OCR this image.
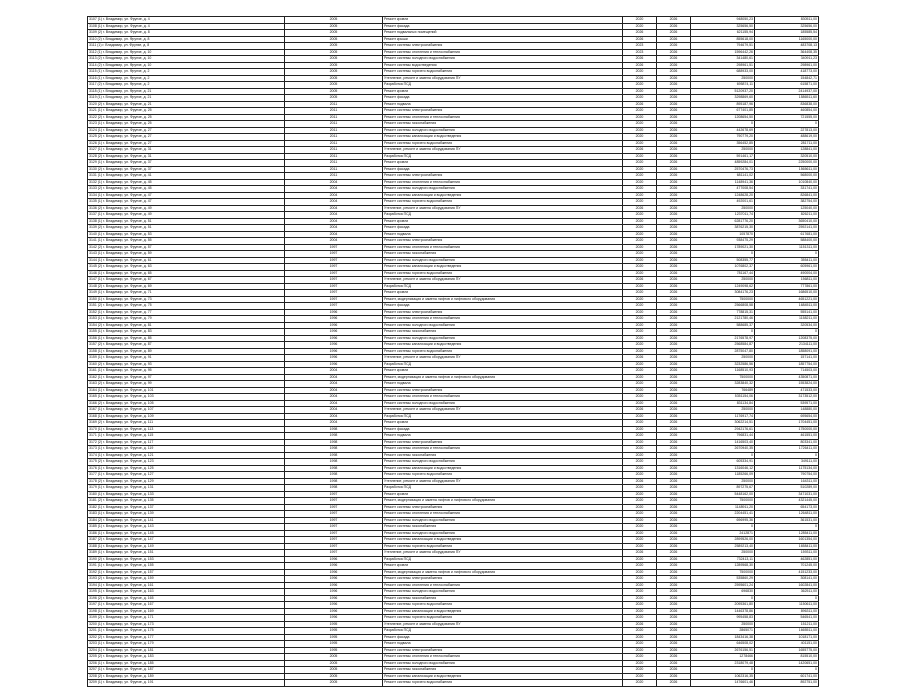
3107 (1) г. Владимир, ул. Фрунзе, д. 4	2005	Ремонт кровли	2020	2026	948050,23	830511,00
3108 (1) г. Владимир, ул. Фрунзе, д. 4	2005	Ремонт фасада	2020	2026	325656,50	325656,00
3109 (2) г. Владимир, ул. Фрунзе, д. 8	2005	Ремонт подвальных помещений	2026	2026	621155,94	185585,54
3110 (2) г. Владимир, ул. Фрунзе, д. 8	2005	Ремонт крыши	2026	2026	855618,00	1165000,00
3111 (1) г. Владимир, ул. Фрунзе, д. 8	2005	Ремонт системы электроснабжения	2023	2026	794679,51	483708,13
3112 (1) г. Владимир, ул. Фрунзе, д. 10	2005	Ремонт системы отопления и теплоснабжения	2023	2026	1596442,26	364408,35
3113 (2) г. Владимир, ул. Фрунзе, д. 10	2005	Ремонт системы холодного водоснабжения	2026	2026	341480,61	340911,23
3114 (2) г. Владимир, ул. Фрунзе, д. 10	2005	Ремонт системы водоотведения	2026	2026	298961,51	298961,00
3115 (1) г. Владимир, ул. Фрунзе, д. 2	2005	Ремонт системы горячего водоснабжения	2020	2026	688933,00	418773,00
3116 (1) г. Владимир, ул. Фрунзе, д. 2	2005	Утепление, ремонт и замена оборудования ПУ	2026	2026	250000	154842,71
3117 (2) г. Владимир, ул. Фрунзе, д. 2	2005	Разработка ПСД	2020	2026	695874,11	615871,00
3118 (1) г. Владимир, ул. Фрунзе, д. 21	2005	Ремонт кровли	2020	2026	5120937,20	2414937,00
3119 (1) г. Владимир, ул. Фрунзе, д. 21	2005	Ремонт фасада	2020	2026	3298869,60	1586511,60
3120 (2) г. Владимир, ул. Фрунзе, д. 21	2011	Ремонт подвала	2026	2026	895187,96	836838,00
3121 (1) г. Владимир, ул. Фрунзе, д. 25	2011	Ремонт системы электроснабжения	2020	2026	677401,85	460854,00
3122 (2) г. Владимир, ул. Фрунзе, д. 25	2011	Ремонт системы отопления и теплоснабжения	2020	2026	1208654,50	721555,00
3123 (1) г. Владимир, ул. Фрунзе, д. 25	2011	Ремонт системы газоснабжения	2020	2026	0	0
3124 (1) г. Владимир, ул. Фрунзе, д. 27	2011	Ремонт системы холодного водоснабжения	2020	2026	442678,69	227813,00
3125 (2) г. Владимир, ул. Фрунзе, д. 27	2011	Ремонт системы канализации и водоотведения	2020	2026	790779,20	488619,00
3126 (1) г. Владимир, ул. Фрунзе, д. 27	2011	Ремонт системы горячего водоснабжения	2020	2026	356452,85	281711,00
3127 (1) г. Владимир, ул. Фрунзе, д. 31	2011	Утепление, ремонт и замена оборудования ПУ	2026	2026	250000	128841,00
3128 (2) г. Владимир, ул. Фрунзе, д. 31	2011	Разработка ПСД	2020	2026	591461,17	320510,00
3129 (1) г. Владимир, ул. Фрунзе, д. 37	2011	Ремонт кровли	2020	2026	4859284,01	2250000,00
3130 (2) г. Владимир, ул. Фрунзе, д. 37	2011	Ремонт фасада	2020	2026	2570476,73	1565611,00
3131 (1) г. Владимир, ул. Фрунзе, д. 41	2011	Ремонт системы электроснабжения	2020	2026	681141,02	568000,00
3132 (1) г. Владимир, ул. Фрунзе, д. 45	2004	Ремонт системы отопления и теплоснабжения	2020	2026	1148941,36	1010840,00
3133 (2) г. Владимир, ул. Фрунзе, д. 45	2004	Ремонт системы холодного водоснабжения	2020	2026	477008,54	331741,00
3134 (1) г. Владимир, ул. Фрунзе, д. 47	2004	Ремонт системы канализации и водоотведения	2020	2026	1248628,20	826841,00
3135 (1) г. Владимир, ул. Фрунзе, д. 47	2004	Ремонт системы горячего водоснабжения	2020	2026	492001,61	382754,00
3136 (2) г. Владимир, ул. Фрунзе, д. 49	2004	Утепление, ремонт и замена оборудования ПУ	2026	2026	250000	125040,00
3137 (1) г. Владимир, ул. Фрунзе, д. 49	2004	Разработка ПСД	2020	2026	1237011,74	826211,00
3138 (1) г. Владимир, ул. Фрунзе, д. 51	2004	Ремонт кровли	2020	2026	6281776,20	3650410,00
3139 (2) г. Владимир, ул. Фрунзе, д. 51	2004	Ремонт фасада	2020	2026	3876215,30	2592141,00
3140 (1) г. Владимир, ул. Фрунзе, д. 53	2004	Ремонт подвала	2020	2026	1057870	617681,00
3141 (1) г. Владимир, ул. Фрунзе, д. 55	2004	Ремонт системы электроснабжения	2020	2026	938475,29	588400,00
3142 (2) г. Владимир, ул. Фрунзе, д. 57	1997	Ремонт системы отопления и теплоснабжения	2020	2026	1789021,30	1151311,00
3143 (1) г. Владимир, ул. Фрунзе, д. 59	1997	Ремонт системы газоснабжения	2020	2026	0	0
3144 (1) г. Владимир, ул. Фрунзе, д. 61	1997	Ремонт системы холодного водоснабжения	2020	2026	508355,77	355411,00
3145 (2) г. Владимир, ул. Фрунзе, д. 63	1997	Ремонт системы канализации и водоотведения	2020	2026	1076802,37	605961,00
3146 (1) г. Владимир, ул. Фрунзе, д. 65	1997	Ремонт системы горячего водоснабжения	2020	2026	781167,44	490004,00
3147 (1) г. Владимир, ул. Фрунзе, д. 67	1997	Утепление, ремонт и замена оборудования ПУ	2026	2026	250000	156811,00
3148 (2) г. Владимир, ул. Фрунзе, д. 69	1997	Разработка ПСД	2020	2026	1249098,62	777861,00
3149 (1) г. Владимир, ул. Фрунзе, д. 71	1997	Ремонт кровли	2020	2026	3084176,23	1686510,00
3150 (1) г. Владимир, ул. Фрунзе, д. 73	1997	Ремонт, модернизация и замена лифтов и лифтового оборудования	2020	2026	7500000	4651221,00
3151 (2) г. Владимир, ул. Фрунзе, д. 75	1997	Ремонт фасада	2020	2026	2566808,58	1684511,00
3152 (1) г. Владимир, ул. Фрунзе, д. 77	1996	Ремонт системы электроснабжения	2020	2026	778815,31	555141,00
3153 (1) г. Владимир, ул. Фрунзе, д. 79	1996	Ремонт системы отопления и теплоснабжения	2020	2026	2121780,46	1158211,00
3154 (2) г. Владимир, ул. Фрунзе, д. 81	1996	Ремонт системы холодного водоснабжения	2020	2026	588685,37	320534,00
3155 (1) г. Владимир, ул. Фрунзе, д. 83	1996	Ремонт системы газоснабжения	2020	2026	0	0
3156 (1) г. Владимир, ул. Фрунзе, д. 85	1996	Ремонт системы холодного водоснабжения	2020	2026	2176578,97	1208375,00
3157 (2) г. Владимир, ул. Фрунзе, д. 87	1996	Ремонт системы канализации и водоотведения	2020	2026	2568584,87	2134111,00
3158 (1) г. Владимир, ул. Фрунзе, д. 89	1996	Ремонт системы горячего водоснабжения	2020	2026	2875047,80	1858091,00
3159 (1) г. Владимир, ул. Фрунзе, д. 91	1996	Утепление, ремонт и замена оборудования ПУ	2026	2026	250000	157141,00
3160 (2) г. Владимир, ул. Фрунзе, д. 93	1996	Разработка ПСД	2020	2026	3232586,56	1857754,00
3161 (1) г. Владимир, ул. Фрунзе, д. 95	2004	Ремонт кровли	2020	2026	1168510,93	714503,00
3162 (1) г. Владимир, ул. Фрунзе, д. 97	2004	Ремонт, модернизация и замена лифтов и лифтового оборудования	2020	2026	7500000	4350871,00
3163 (2) г. Владимир, ул. Фрунзе, д. 99	2004	Ремонт подвала	2020	2026	3283840,32	1553824,00
3164 (1) г. Владимир, ул. Фрунзе, д. 101	2004	Ремонт системы электроснабжения	2020	2026	766489	471533,00
3165 (1) г. Владимир, ул. Фрунзе, д. 103	2004	Ремонт системы отопления и теплоснабжения	2020	2026	5351154,06	3173512,00
3166 (2) г. Владимир, ул. Фрунзе, д. 105	2004	Ремонт системы холодного водоснабжения	2020	2026	831134,84	539571,00
3167 (1) г. Владимир, ул. Фрунзе, д. 107	2004	Утепление, ремонт и замена оборудования ПУ	2026	2026	250000	148880,00
3168 (1) г. Владимир, ул. Фрунзе, д. 109	2004	Разработка ПСД	2020	2026	1176917,74	695654,00
3169 (2) г. Владимир, ул. Фрунзе, д. 111	2004	Ремонт кровли	2020	2026	3062214,51	1704451,00
3170 (1) г. Владимир, ул. Фрунзе, д. 113	1998	Ремонт фасада	2020	2026	2942176,61	1750000,00
3171 (1) г. Владимир, ул. Фрунзе, д. 115	1998	Ремонт подвала	2020	2026	796831,44	461551,00
3172 (2) г. Владимир, ул. Фрунзе, д. 117	1998	Ремонт системы электроснабжения	2020	2026	1416503,40	803341,00
3173 (1) г. Владимир, ул. Фрунзе, д. 119	1998	Ремонт системы отопления и теплоснабжения	2020	2026	2670940,35	1726411,00
3174 (1) г. Владимир, ул. Фрунзе, д. 121	1998	Ремонт системы газоснабжения	2020	2026	0	0
3175 (2) г. Владимир, ул. Фрунзе, д. 123	1998	Ремонт системы холодного водоснабжения	2020	2026	605334,91	349111,00
3176 (1) г. Владимир, ул. Фрунзе, д. 125	1998	Ремонт системы канализации и водоотведения	2020	2026	1316046,12	1175134,00
3177 (1) г. Владимир, ул. Фрунзе, д. 127	1998	Ремонт системы горячего водоснабжения	2020	2026	1185266,09	790754,00
3178 (2) г. Владимир, ул. Фрунзе, д. 129	1998	Утепление, ремонт и замена оборудования ПУ	2026	2026	250000	164311,00
3179 (1) г. Владимир, ул. Фрунзе, д. 131	1998	Разработка ПСД	2020	2026	897275,67	510289,00
3180 (1) г. Владимир, ул. Фрунзе, д. 133	1997	Ремонт кровли	2020	2026	5448162,00	3471031,00
3181 (2) г. Владимир, ул. Фрунзе, д. 135	1997	Ремонт, модернизация и замена лифтов и лифтового оборудования	2020	2026	7500000	4321445,00
3182 (1) г. Владимир, ул. Фрунзе, д. 137	1997	Ремонт системы электроснабжения	2020	2026	1148911,20	654173,00
3183 (1) г. Владимир, ул. Фрунзе, д. 139	1997	Ремонт системы отопления и теплоснабжения	2020	2026	2204451,41	1264811,00
3184 (2) г. Владимир, ул. Фрунзе, д. 141	1997	Ремонт системы холодного водоснабжения	2020	2026	696995,36	361531,00
3185 (1) г. Владимир, ул. Фрунзе, д. 143	1997	Ремонт системы газоснабжения	2020	2026	0	0
3186 (1) г. Владимир, ул. Фрунзе, д. 145	1997	Ремонт системы холодного водоснабжения	2020	2026	2412871	1285411,00
3187 (2) г. Владимир, ул. Фрунзе, д. 147	1997	Ремонт системы канализации и водоотведения	2020	2026	2899526,00	1601354,00
3188 (1) г. Владимир, ул. Фрунзе, д. 149	1997	Ремонт системы горячего водоснабжения	2020	2026	2589213,40	1658411,00
3189 (1) г. Владимир, ул. Фрунзе, д. 151	1997	Утепление, ремонт и замена оборудования ПУ	2026	2026	250000	159311,00
3190 (2) г. Владимир, ул. Фрунзе, д. 153	1996	Разработка ПСД	2020	2026	732413,11	462851,00
3191 (1) г. Владимир, ул. Фрунзе, д. 155	1996	Ремонт кровли	2020	2026	1289568,30	701245,00
3192 (1) г. Владимир, ул. Фрунзе, д. 157	1996	Ремонт, модернизация и замена лифтов и лифтового оборудования	2020	2026	7500000	4151233,00
3193 (2) г. Владимир, ул. Фрунзе, д. 159	1996	Ремонт системы электроснабжения	2020	2026	535860,29	308141,00
3194 (1) г. Владимир, ул. Фрунзе, д. 161	1996	Ремонт системы отопления и теплоснабжения	2020	2026	2595601,24	1602841,00
3195 (1) г. Владимир, ул. Фрунзе, д. 163	1996	Ремонт системы холодного водоснабжения	2020	2026	696830	362511,00
3196 (2) г. Владимир, ул. Фрунзе, д. 165	1996	Ремонт системы газоснабжения	2020	2026	0	0
3197 (1) г. Владимир, ул. Фрунзе, д. 167	1996	Ремонт системы горячего водоснабжения	2020	2026	2095361,80	1150611,00
3198 (1) г. Владимир, ул. Фрунзе, д. 169	1996	Ремонт системы канализации и водоотведения	2020	2026	1446378,86	896311,00
3199 (2) г. Владимир, ул. Фрунзе, д. 171	1996	Ремонт системы горячего водоснабжения	2020	2026	995458,83	546541,00
3200 (1) г. Владимир, ул. Фрунзе, д. 173	1995	Утепление, ремонт и замена оборудования ПУ	2026	2026	250000	151211,00
3201 (1) г. Владимир, ул. Фрунзе, д. 175	1995	Разработка ПСД	2020	2026	2865071	1665511,00
3202 (2) г. Владимир, ул. Фрунзе, д. 177	1995	Ремонт фасада	2020	2026	1843416,38	1018171,00
3203 (1) г. Владимир, ул. Фрунзе, д. 179	1995	Ремонт подвала	2020	2026	646508,02	401151,00
3204 (1) г. Владимир, ул. Фрунзе, д. 181	1995	Ремонт системы электроснабжения	2020	2026	2676156,51	1655775,00
3205 (2) г. Владимир, ул. Фрунзе, д. 183	2005	Ремонт системы отопления и теплоснабжения	2020	2026	1278466	815510,00
3206 (1) г. Владимир, ул. Фрунзе, д. 185	2005	Ремонт системы холодного водоснабжения	2020	2026	2318079,48	1420651,00
3207 (1) г. Владимир, ул. Фрунзе, д. 187	2005	Ремонт системы газоснабжения	2020	2026	0	0
3208 (2) г. Владимир, ул. Фрунзе, д. 189	2005	Ремонт системы канализации и водоотведения	2020	2026	1062316,35	601741,00
3209 (1) г. Владимир, ул. Фрунзе, д. 191	2005	Ремонт системы горячего водоснабжения	2020	2026	1476601,46	892751,00
